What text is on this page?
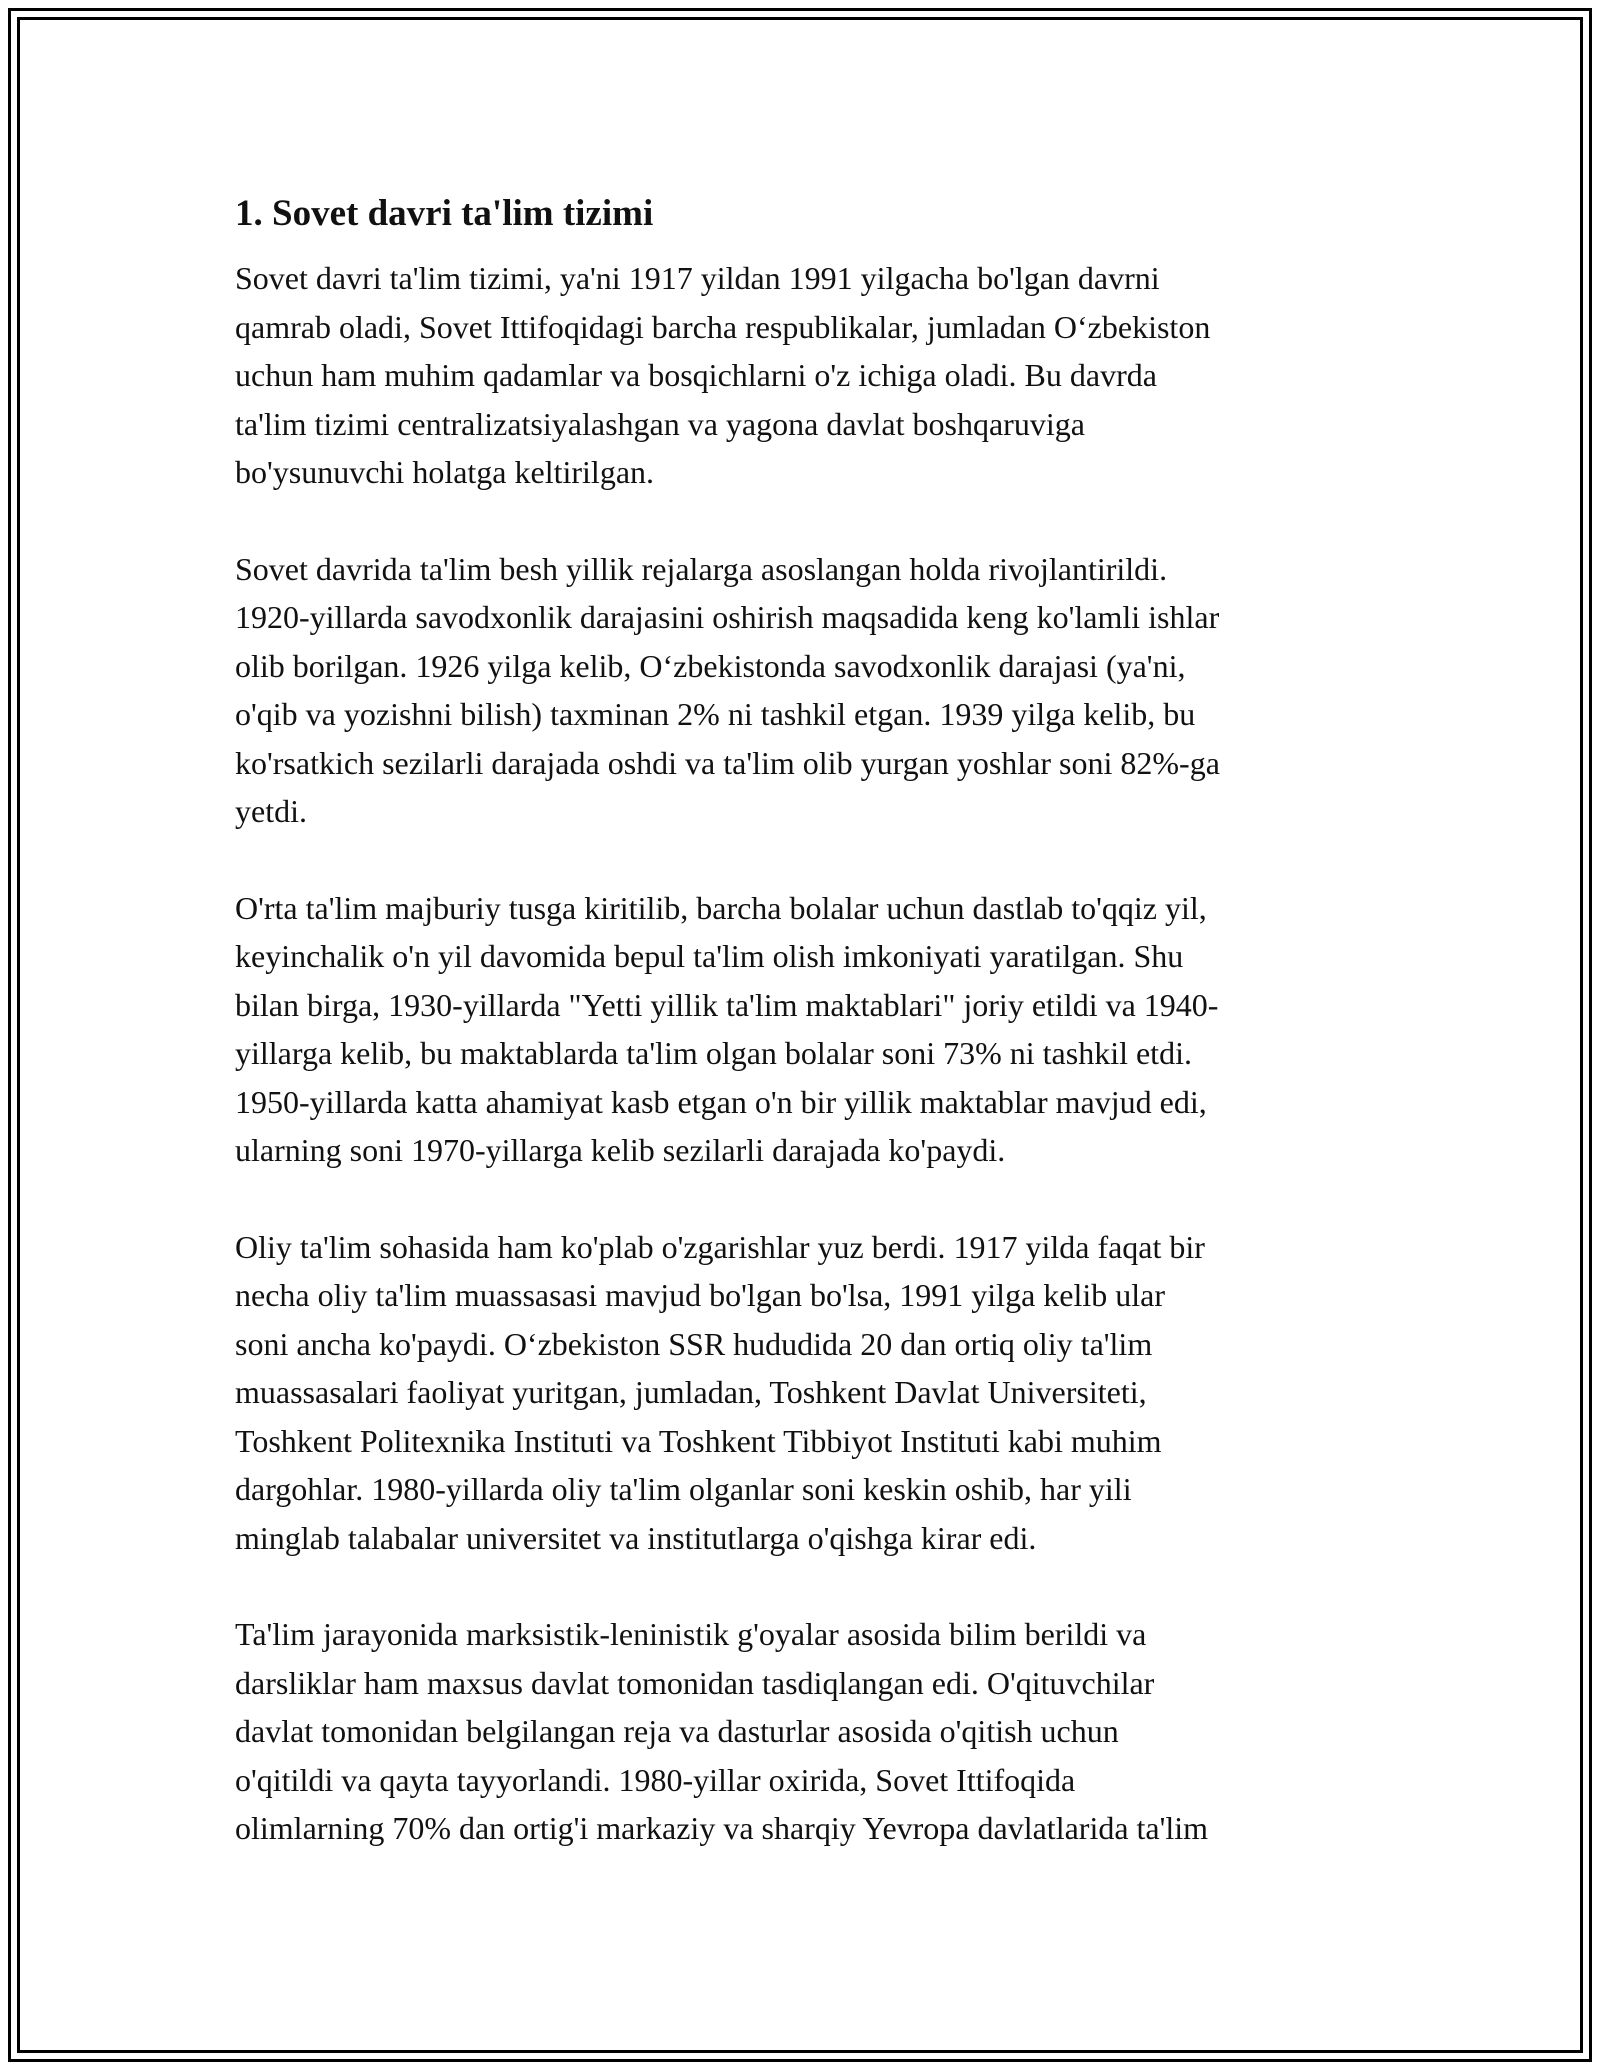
1. Sovet davri ta'lim tizimi

Sovet davri ta'lim tizimi, ya'ni 1917 yildan 1991 yilgacha bo'lgan davrni
qamrab oladi, Sovet Ittifoqidagi barcha respublikalar, jumladan O‘zbekiston
uchun ham muhim qadamlar va bosqichlarni o'z ichiga oladi. Bu davrda
ta'lim tizimi centralizatsiyalashgan va yagona davlat boshqaruviga
bo'ysunuvchi holatga keltirilgan.

Sovet davrida ta'lim besh yillik rejalarga asoslangan holda rivojlantirildi.
1920-yillarda savodxonlik darajasini oshirish maqsadida keng ko'lamli ishlar
olib borilgan. 1926 yilga kelib, O‘zbekistonda savodxonlik darajasi (ya'ni,
o'qib va yozishni bilish) taxminan 2% ni tashkil etgan. 1939 yilga kelib, bu
ko'rsatkich sezilarli darajada oshdi va ta'lim olib yurgan yoshlar soni 82%-ga
yetdi.

O'rta ta'lim majburiy tusga kiritilib, barcha bolalar uchun dastlab to'qqiz yil,
keyinchalik o'n yil davomida bepul ta'lim olish imkoniyati yaratilgan. Shu
bilan birga, 1930-yillarda "Yetti yillik ta'lim maktablari" joriy etildi va 1940-
yillarga kelib, bu maktablarda ta'lim olgan bolalar soni 73% ni tashkil etdi.
1950-yillarda katta ahamiyat kasb etgan o'n bir yillik maktablar mavjud edi,
ularning soni 1970-yillarga kelib sezilarli darajada ko'paydi.

Oliy ta'lim sohasida ham ko'plab o'zgarishlar yuz berdi. 1917 yilda faqat bir
necha oliy ta'lim muassasasi mavjud bo'lgan bo'lsa, 1991 yilga kelib ular
soni ancha ko'paydi. O‘zbekiston SSR hududida 20 dan ortiq oliy ta'lim
muassasalari faoliyat yuritgan, jumladan, Toshkent Davlat Universiteti,
Toshkent Politexnika Instituti va Toshkent Tibbiyot Instituti kabi muhim
dargohlar. 1980-yillarda oliy ta'lim olganlar soni keskin oshib, har yili
minglab talabalar universitet va institutlarga o'qishga kirar edi.

Ta'lim jarayonida marksistik-leninistik g'oyalar asosida bilim berildi va
darsliklar ham maxsus davlat tomonidan tasdiqlangan edi. O'qituvchilar
davlat tomonidan belgilangan reja va dasturlar asosida o'qitish uchun
o'qitildi va qayta tayyorlandi. 1980-yillar oxirida, Sovet Ittifoqida
olimlarning 70% dan ortig'i markaziy va sharqiy Yevropa davlatlarida ta'lim
